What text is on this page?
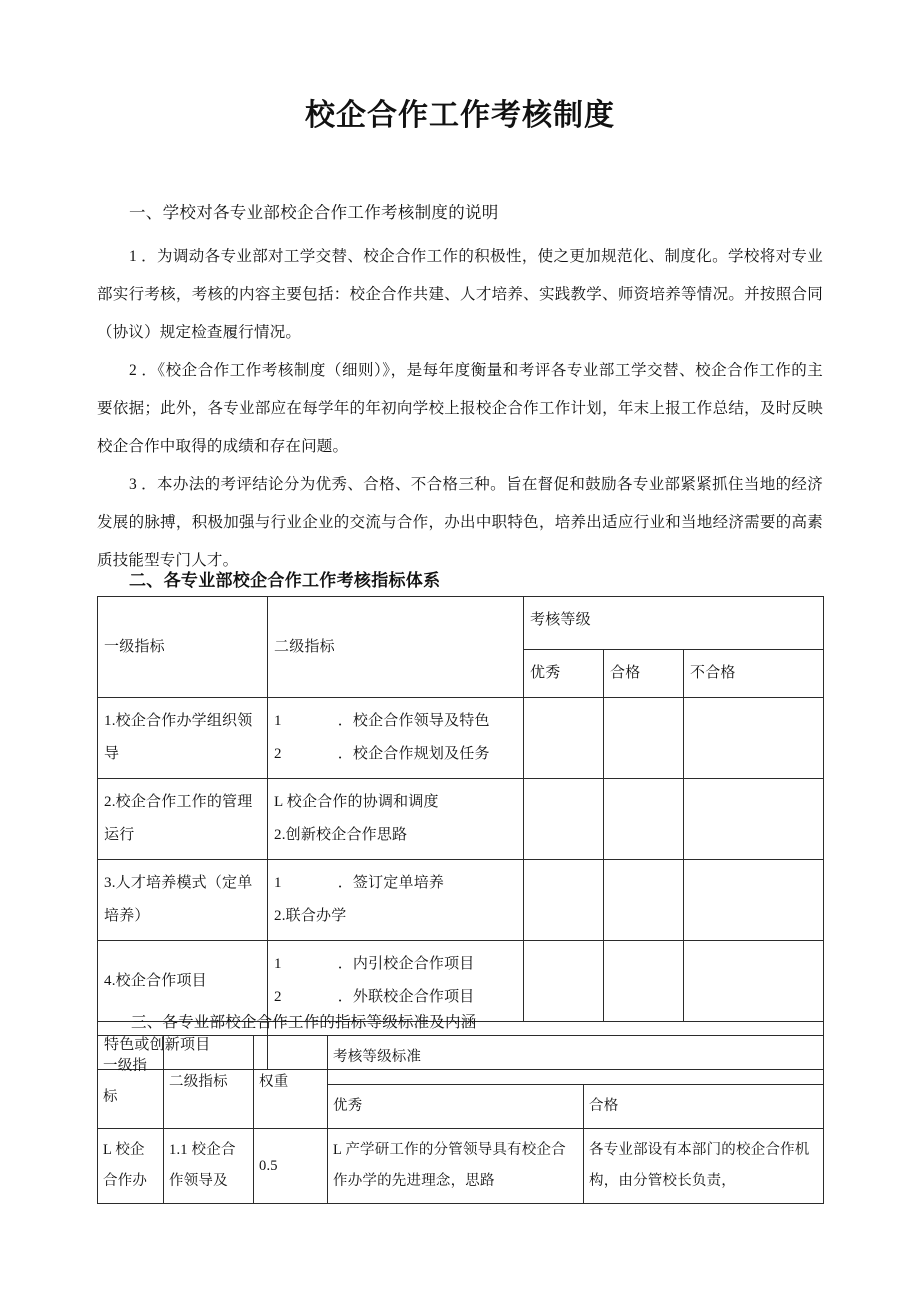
校企合作工作考核制度
一、学校对各专业部校企合作工作考核制度的说明

1 ．为调动各专业部对工学交替、校企合作工作的积极性，使之更加规范化、制度化。学校将对专业部实行考核，考核的内容主要包括：校企合作共建、人才培养、实践教学、师资培养等情况。并按照合同（协议）规定检查履行情况。

2 ．《校企合作工作考核制度（细则）》，是每年度衡量和考评各专业部工学交替、校企合作工作的主要依据；此外，各专业部应在每学年的年初向学校上报校企合作工作计划，年末上报工作总结，及时反映校企合作中取得的成绩和存在问题。

3 ．本办法的考评结论分为优秀、合格、不合格三种。旨在督促和鼓励各专业部紧紧抓住当地的经济发展的脉搏，积极加强与行业企业的交流与合作，办出中职特色，培养出适应行业和当地经济需要的高素质技能型专门人才。

二、各专业部校企合作工作考核指标体系
一级指标	二级指标	考核等级		
		优秀	合格	不合格
1.校企合作办学组织领导	1 ．校企合作领导及特色
2 ．校企合作规划及任务			

2.校企合作工作的管理运行	L 校企合作的协调和调度
2.创新校企合作思路			

3.人才培养模式（定单培养）	1 ．签订定单培养
2.联合办学			

4.校企合作项目	1 ．内引校企合作项目
2 ．外联校企合作项目			

特色或创新项目				
三、各专业部校企合作工作的指标等级标准及内涵
一级指标	二级指标	权重	考核等级标准	
			优秀	合格
L 校企合作办	1.1 校企合作领导及	0.5	L 产学研工作的分管领导具有校企合作办学的先进理念，思路	各专业部设有本部门的校企合作机构，由分管校长负责，
